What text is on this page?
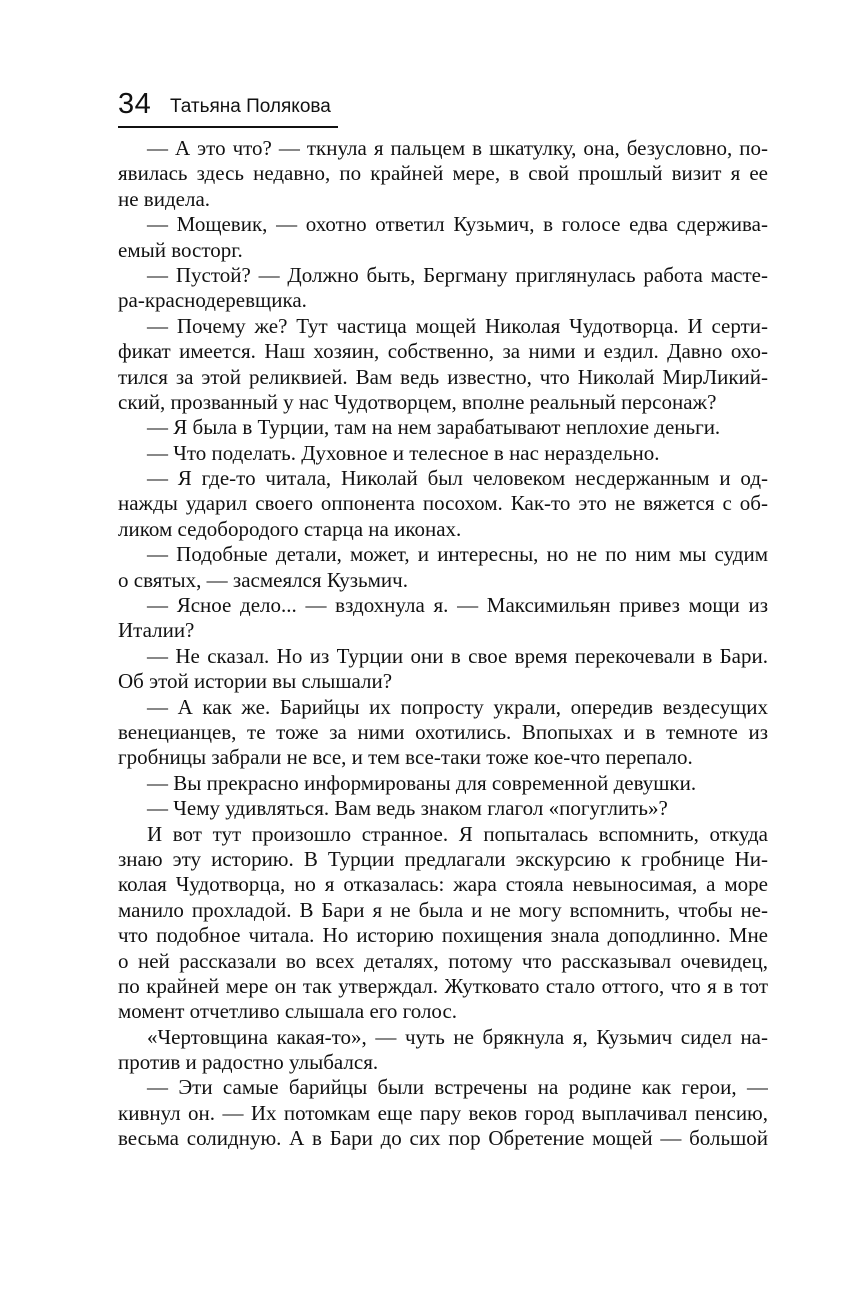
34 Татьяна Полякова
— А это что? — ткнула я пальцем в шкатулку, она, безусловно, по-
явилась здесь недавно, по крайней мере, в свой прошлый визит я ее
не видела.
— Мощевик, — охотно ответил Кузьмич, в голосе едва сдержива-
емый восторг.
— Пустой? — Должно быть, Бергману приглянулась работа масте-
ра-краснодеревщика.
— Почему же? Тут частица мощей Николая Чудотворца. И серти-
фикат имеется. Наш хозяин, собственно, за ними и ездил. Давно охо-
тился за этой реликвией. Вам ведь известно, что Николай МирЛикий-
ский, прозванный у нас Чудотворцем, вполне реальный персонаж?
— Я была в Турции, там на нем зарабатывают неплохие деньги.
— Что поделать. Духовное и телесное в нас нераздельно.
— Я где-то читала, Николай был человеком несдержанным и од-
нажды ударил своего оппонента посохом. Как-то это не вяжется с об-
ликом седобородого старца на иконах.
— Подобные детали, может, и интересны, но не по ним мы судим
о святых, — засмеялся Кузьмич.
— Ясное дело... — вздохнула я. — Максимильян привез мощи из
Италии?
— Не сказал. Но из Турции они в свое время перекочевали в Бари.
Об этой истории вы слышали?
— А как же. Барийцы их попросту украли, опередив вездесущих
венецианцев, те тоже за ними охотились. Впопыхах и в темноте из
гробницы забрали не все, и тем все-таки тоже кое-что перепало.
— Вы прекрасно информированы для современной девушки.
— Чему удивляться. Вам ведь знаком глагол «погуглить»?
И вот тут произошло странное. Я попыталась вспомнить, откуда
знаю эту историю. В Турции предлагали экскурсию к гробнице Ни-
колая Чудотворца, но я отказалась: жара стояла невыносимая, а море
манило прохладой. В Бари я не была и не могу вспомнить, чтобы не-
что подобное читала. Но историю похищения знала доподлинно. Мне
о ней рассказали во всех деталях, потому что рассказывал очевидец,
по крайней мере он так утверждал. Жутковато стало оттого, что я в тот
момент отчетливо слышала его голос.
«Чертовщина какая-то», — чуть не брякнула я, Кузьмич сидел на-
против и радостно улыбался.
— Эти самые барийцы были встречены на родине как герои, —
кивнул он. — Их потомкам еще пару веков город выплачивал пенсию,
весьма солидную. А в Бари до сих пор Обретение мощей — большой
